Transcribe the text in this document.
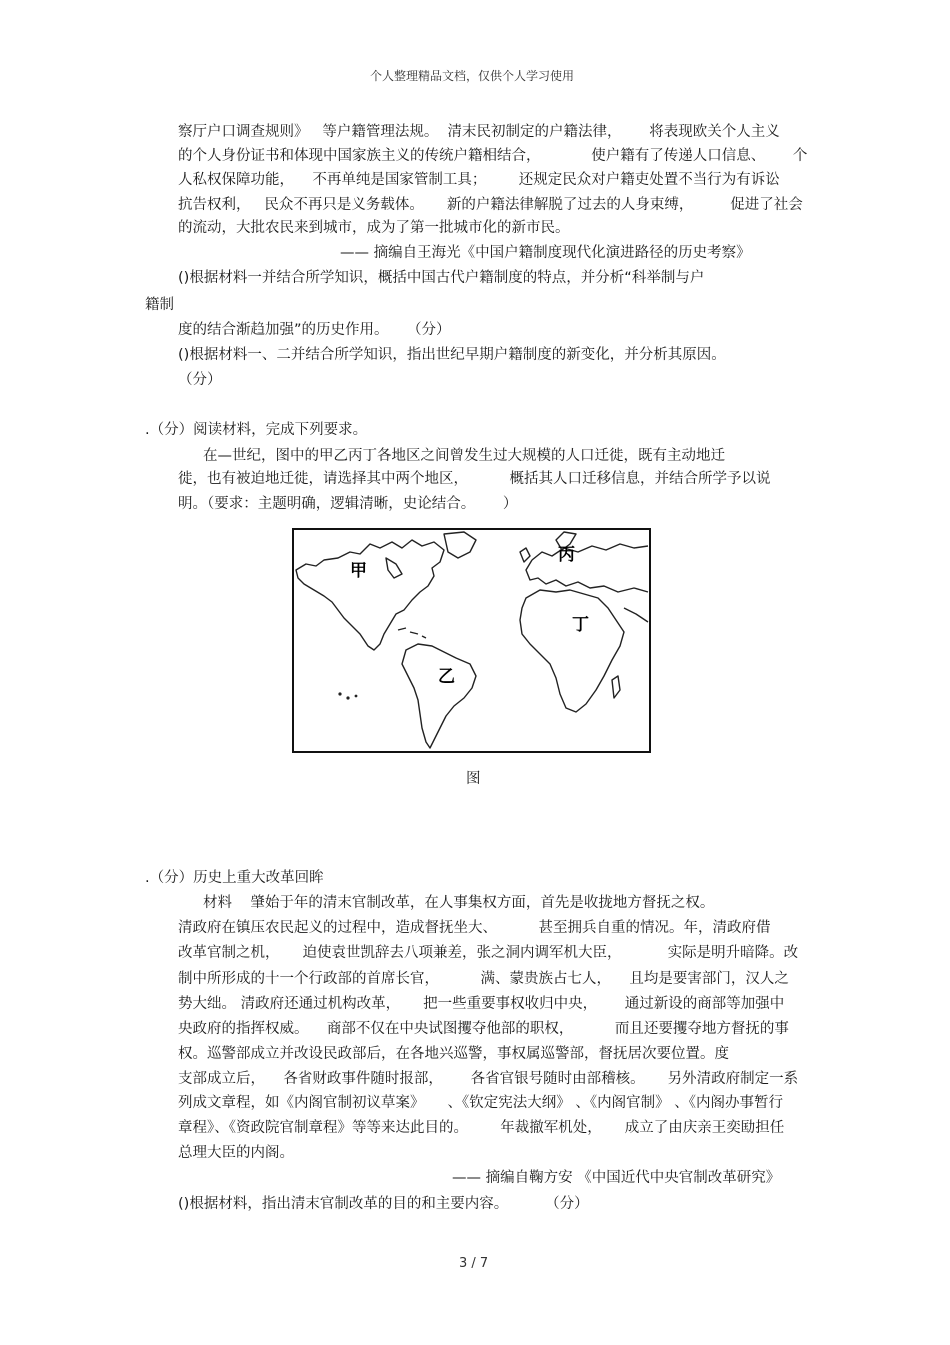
个人整理精品文档，仅供个人学习使用
察厅户口调查规则》   等户籍管理法规。  清末民初制定的户籍法律，      将表现欧关个人主义
的个人身份证书和体现中国家族主义的传统户籍相结合，           使户籍有了传递人口信息、      个
人私权保障功能，    不再单纯是国家管制工具；       还规定民众对户籍吏处置不当行为有诉讼
抗告权利，   民众不再只是义务载体。     新的户籍法律解脱了过去的人身束缚，        促进了社会
的流动，大批农民来到城市，成为了第一批城市化的新市民。
—— 摘编自王海光《中国户籍制度现代化演进路径的历史考察》
()根据材料一并结合所学知识，概括中国古代户籍制度的特点，并分析“科举制与户
籍制
度的结合渐趋加强”的历史作用。    （分）
()根据材料一、二并结合所学知识，指出世纪早期户籍制度的新变化，并分析其原因。
（分）
.（分）阅读材料，完成下列要求。
在—世纪，图中的甲乙丙丁各地区之间曾发生过大规模的人口迁徙，既有主动地迁
徙，也有被迫地迁徙，请选择其中两个地区，         概括其人口迁移信息，并结合所学予以说
明。（要求：主题明确，逻辑清晰，史论结合。      ）
甲
乙
丙
丁
图
.（分）历史上重大改革回眸
材料    肇始于年的清末官制改革，在人事集权方面，首先是收拢地方督抚之权。
清政府在镇压农民起义的过程中，造成督抚坐大、         甚至拥兵自重的情况。年，清政府借
改革官制之机，     迫使袁世凯辞去八项兼差，张之洞内调军机大臣，          实际是明升暗降。改
制中所形成的十一个行政部的首席长官，         满、蒙贵族占七人，    且均是要害部门，汉人之
势大绌。 清政府还通过机构改革，     把一些重要事权收归中央，      通过新设的商部等加强中
央政府的指挥权威。    商部不仅在中央试图攫夺他部的职权，         而且还要攫夺地方督抚的事
权。巡警部成立并改设民政部后，在各地兴巡警，事权属巡警部，督抚居次要位置。度
支部成立后，    各省财政事件随时报部，      各省官银号随时由部稽核。     另外清政府制定一系
列成文章程，如《内阁官制初议草案》     、《钦定宪法大纲》 、《内阁官制》 、《内阁办事暂行
章程》、《资政院官制章程》等等来达此目的。       年裁撤军机处，     成立了由庆亲王奕劻担任
总理大臣的内阁。
—— 摘编自鞠方安 《中国近代中央官制改革研究》
()根据材料，指出清末官制改革的目的和主要内容。        （分）
3 / 7
